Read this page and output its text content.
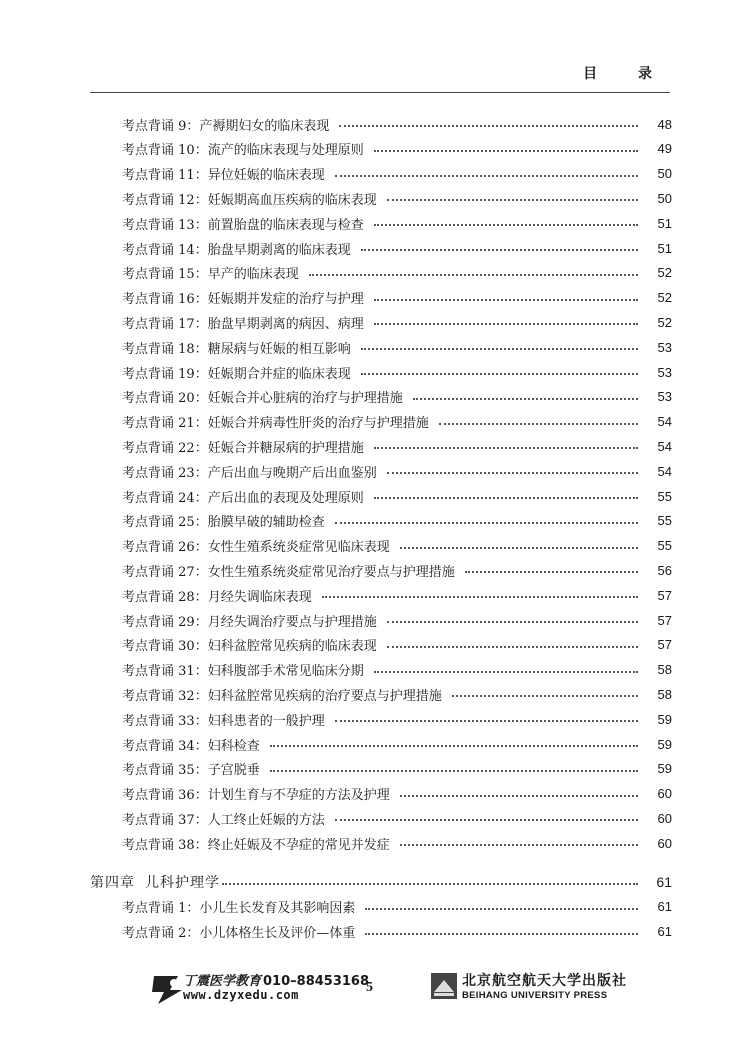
目 录
考点背诵 9 ： 产褥期妇女的临床表现	48
考点背诵 10 ： 流产的临床表现与处理原则	49
考点背诵 11 ： 异位妊娠的临床表现	50
考点背诵 12 ： 妊娠期高血压疾病的临床表现	50
考点背诵 13 ： 前置胎盘的临床表现与检查	51
考点背诵 14 ： 胎盘早期剥离的临床表现	51
考点背诵 15 ： 早产的临床表现	52
考点背诵 16 ： 妊娠期并发症的治疗与护理	52
考点背诵 17 ： 胎盘早期剥离的病因、病理	52
考点背诵 18 ： 糖尿病与妊娠的相互影响	53
考点背诵 19 ： 妊娠期合并症的临床表现	53
考点背诵 20 ： 妊娠合并心脏病的治疗与护理措施	53
考点背诵 21 ： 妊娠合并病毒性肝炎的治疗与护理措施	54
考点背诵 22 ： 妊娠合并糖尿病的护理措施	54
考点背诵 23 ： 产后出血与晚期产后出血鉴别	54
考点背诵 24 ： 产后出血的表现及处理原则	55
考点背诵 25 ： 胎膜早破的辅助检查	55
考点背诵 26 ： 女性生殖系统炎症常见临床表现	55
考点背诵 27 ： 女性生殖系统炎症常见治疗要点与护理措施	56
考点背诵 28 ： 月经失调临床表现	57
考点背诵 29 ： 月经失调治疗要点与护理措施	57
考点背诵 30 ： 妇科盆腔常见疾病的临床表现	57
考点背诵 31 ： 妇科腹部手术常见临床分期	58
考点背诵 32 ： 妇科盆腔常见疾病的治疗要点与护理措施	58
考点背诵 33 ： 妇科患者的一般护理	59
考点背诵 34 ： 妇科检查	59
考点背诵 35 ： 子宫脱垂	59
考点背诵 36 ： 计划生育与不孕症的方法及护理	60
考点背诵 37 ： 人工终止妊娠的方法	60
考点背诵 38 ： 终止妊娠及不孕症的常见并发症	60
第四章 儿科护理学	61
考点背诵 1 ： 小儿生长发育及其影响因素	61
考点背诵 2 ： 小儿体格生长及评价—体重	61
丁震医学教育 010–88453168
www.dzyxedu.com	5	北京航空航天大学出版社
BEIHANG UNIVERSITY PRESS
